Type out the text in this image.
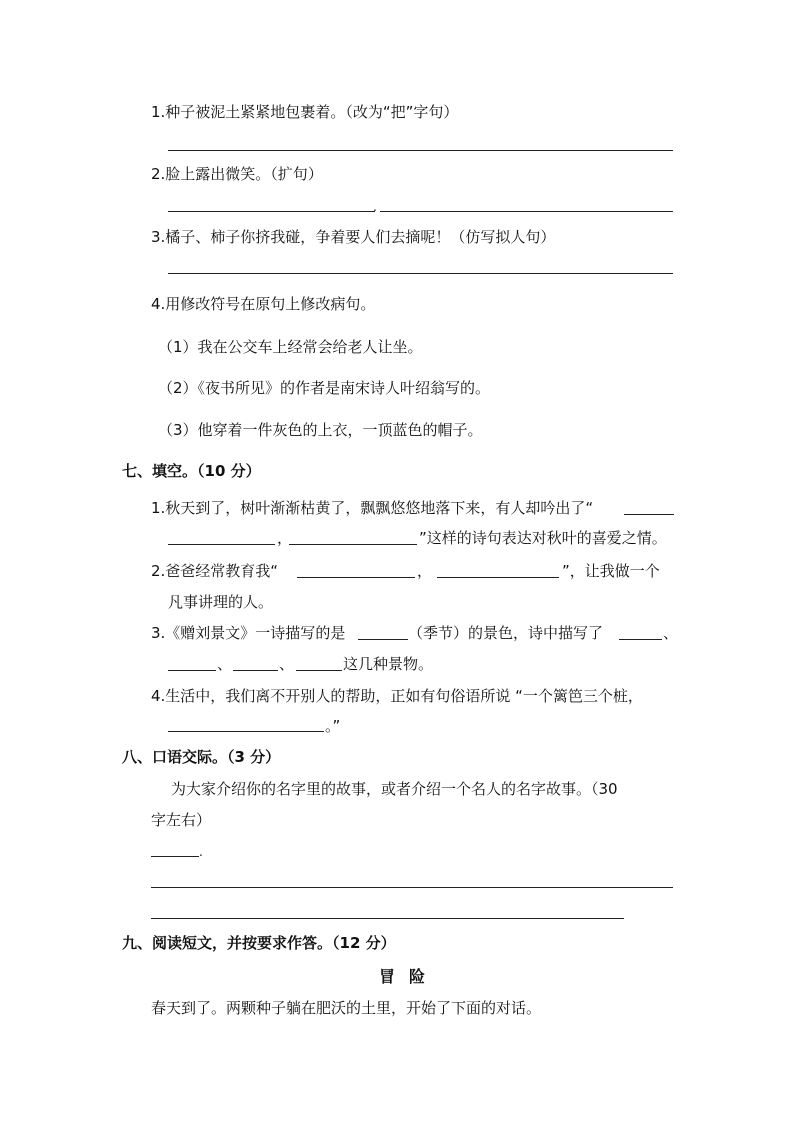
1.种子被泥土紧紧地包裹着。（改为“把”字句）
2.脸上露出微笑。（扩句）
.
3.橘子、柿子你挤我碰，争着要人们去摘呢！（仿写拟人句）
4.用修改符号在原句上修改病句。
（1）我在公交车上经常会给老人让坐。
（2）《夜书所见》的作者是南宋诗人叶绍翁写的。
（3）他穿着一件灰色的上衣，一顶蓝色的帽子。
七、填空。（10 分）
1.秋天到了，树叶渐渐枯黄了，飘飘悠悠地落下来，有人却吟出了“
，	”这样的诗句表达对秋叶的喜爱之情。
2.爸爸经常教育我“	，	”，让我做一个
凡事讲理的人。
3.《赠刘景文》一诗描写的是	（季节）的景色，诗中描写了	、
、	、	这几种景物。
4.生活中，我们离不开别人的帮助，正如有句俗语所说 “一个篱笆三个桩，
。”
八、口语交际。（3 分）
为大家介绍你的名字里的故事，或者介绍一个名人的名字故事。（30
字左右）
.
九、阅读短文，并按要求作答。（12 分）
冒险
春天到了。两颗种子躺在肥沃的土里，开始了下面的对话。
